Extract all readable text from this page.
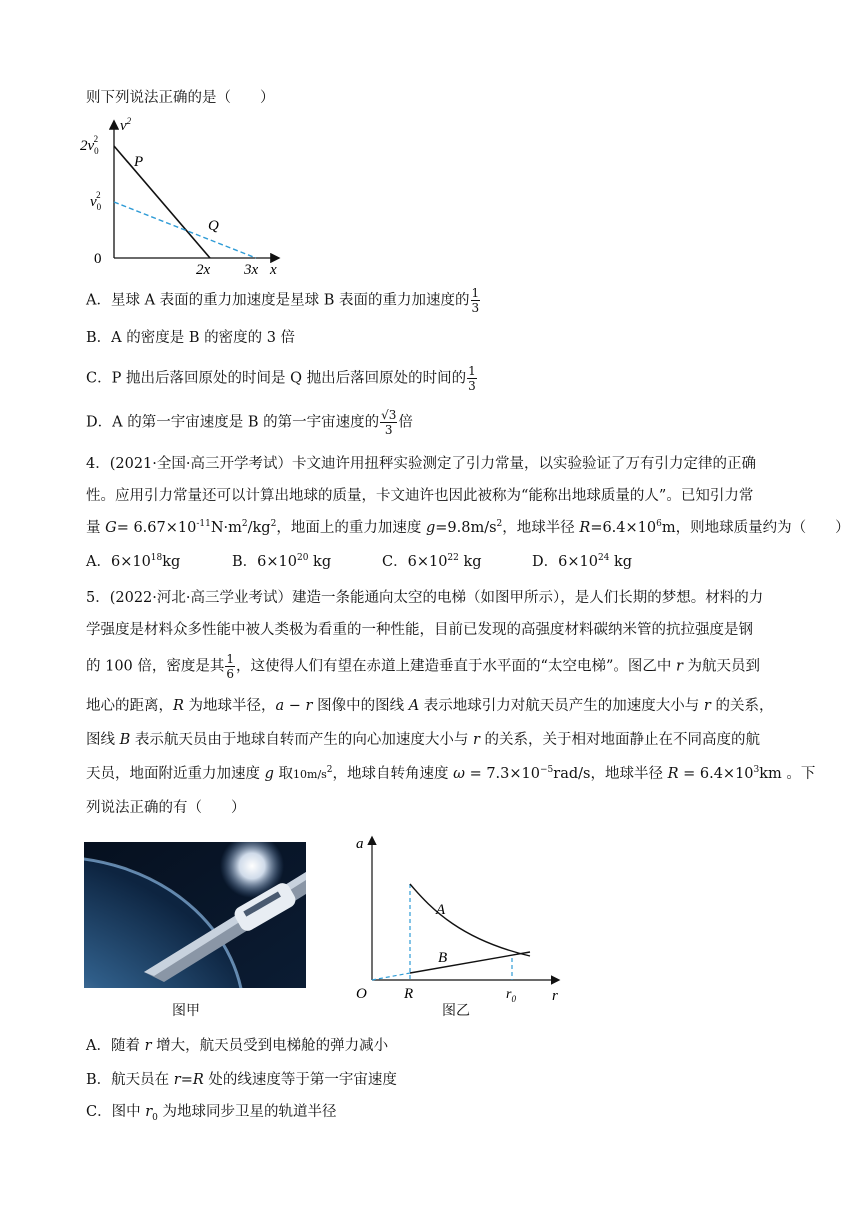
则下列说法正确的是（　　）
$v^2$
$2v_02$
$v_02$
0
2x 3x x
P
Q
A．星球 A 表面的重力加速度是星球 B 表面的重力加速度的 $\frac{1}{3}$
B．A 的密度是 B 的密度的 3 倍
C．P 抛出后落回原处的时间是 Q 抛出后落回原处的时间的 $\frac{1}{3}$
D．A 的第一宇宙速度是 B 的第一宇宙速度的 $\frac{√3}{3}$ 倍
4．(2021·全国·高三开学考试）卡文迪许用扭秤实验测定了引力常量，以实验验证了万有引力定律的正确
性。应用引力常量还可以计算出地球的质量，卡文迪许也因此被称为“能称出地球质量的人”。已知引力常
量 $G= 6.67\times 10^{-11}N\cdot m^2/kg^2$，地面上的重力加速度 $g=9.8m/s^2$，地球半径 $R=6.4\times 10^6m$，则地球质量约为（　　）
A．$6\times 10^{18}kg$	B．$6\times 10^{20}$ kg	C．$6\times 10^{22}$ kg	D．$6\times 10^{24}$ kg
5．(2022·河北·高三学业考试）建造一条能通向太空的电梯（如图甲所示），是人们长期的梦想。材料的力
学强度是材料众多性能中被人类极为看重的一种性能，目前已发现的高强度材料碳纳米管的抗拉强度是钢
的 100 倍，密度是其 $\frac{1}{6}$ ，这使得人们有望在赤道上建造垂直于水平面的“太空电梯”。图乙中 r 为航天员到
地心的距离，R 为地球半径，a − r 图像中的图线 A 表示地球引力对航天员产生的加速度大小与 r 的关系，
图线 B 表示航天员由于地球自转而产生的向心加速度大小与 r 的关系，关于相对地面静止在不同高度的航
天员，地面附近重力加速度 g 取$10m/s^2$，地球自转角速度 $\omega = 7.3\times 10^{-5}rad/s$，地球半径 $R = 6.4\times 10^3km$ 。下
列说法正确的有（　　）
图甲
a
r
O R	$r_0$
A
B
图乙
A．随着 r 增大，航天员受到电梯舱的弹力减小
B．航天员在 r=R 处的线速度等于第一宇宙速度
C．图中 $r_0$ 为地球同步卫星的轨道半径
